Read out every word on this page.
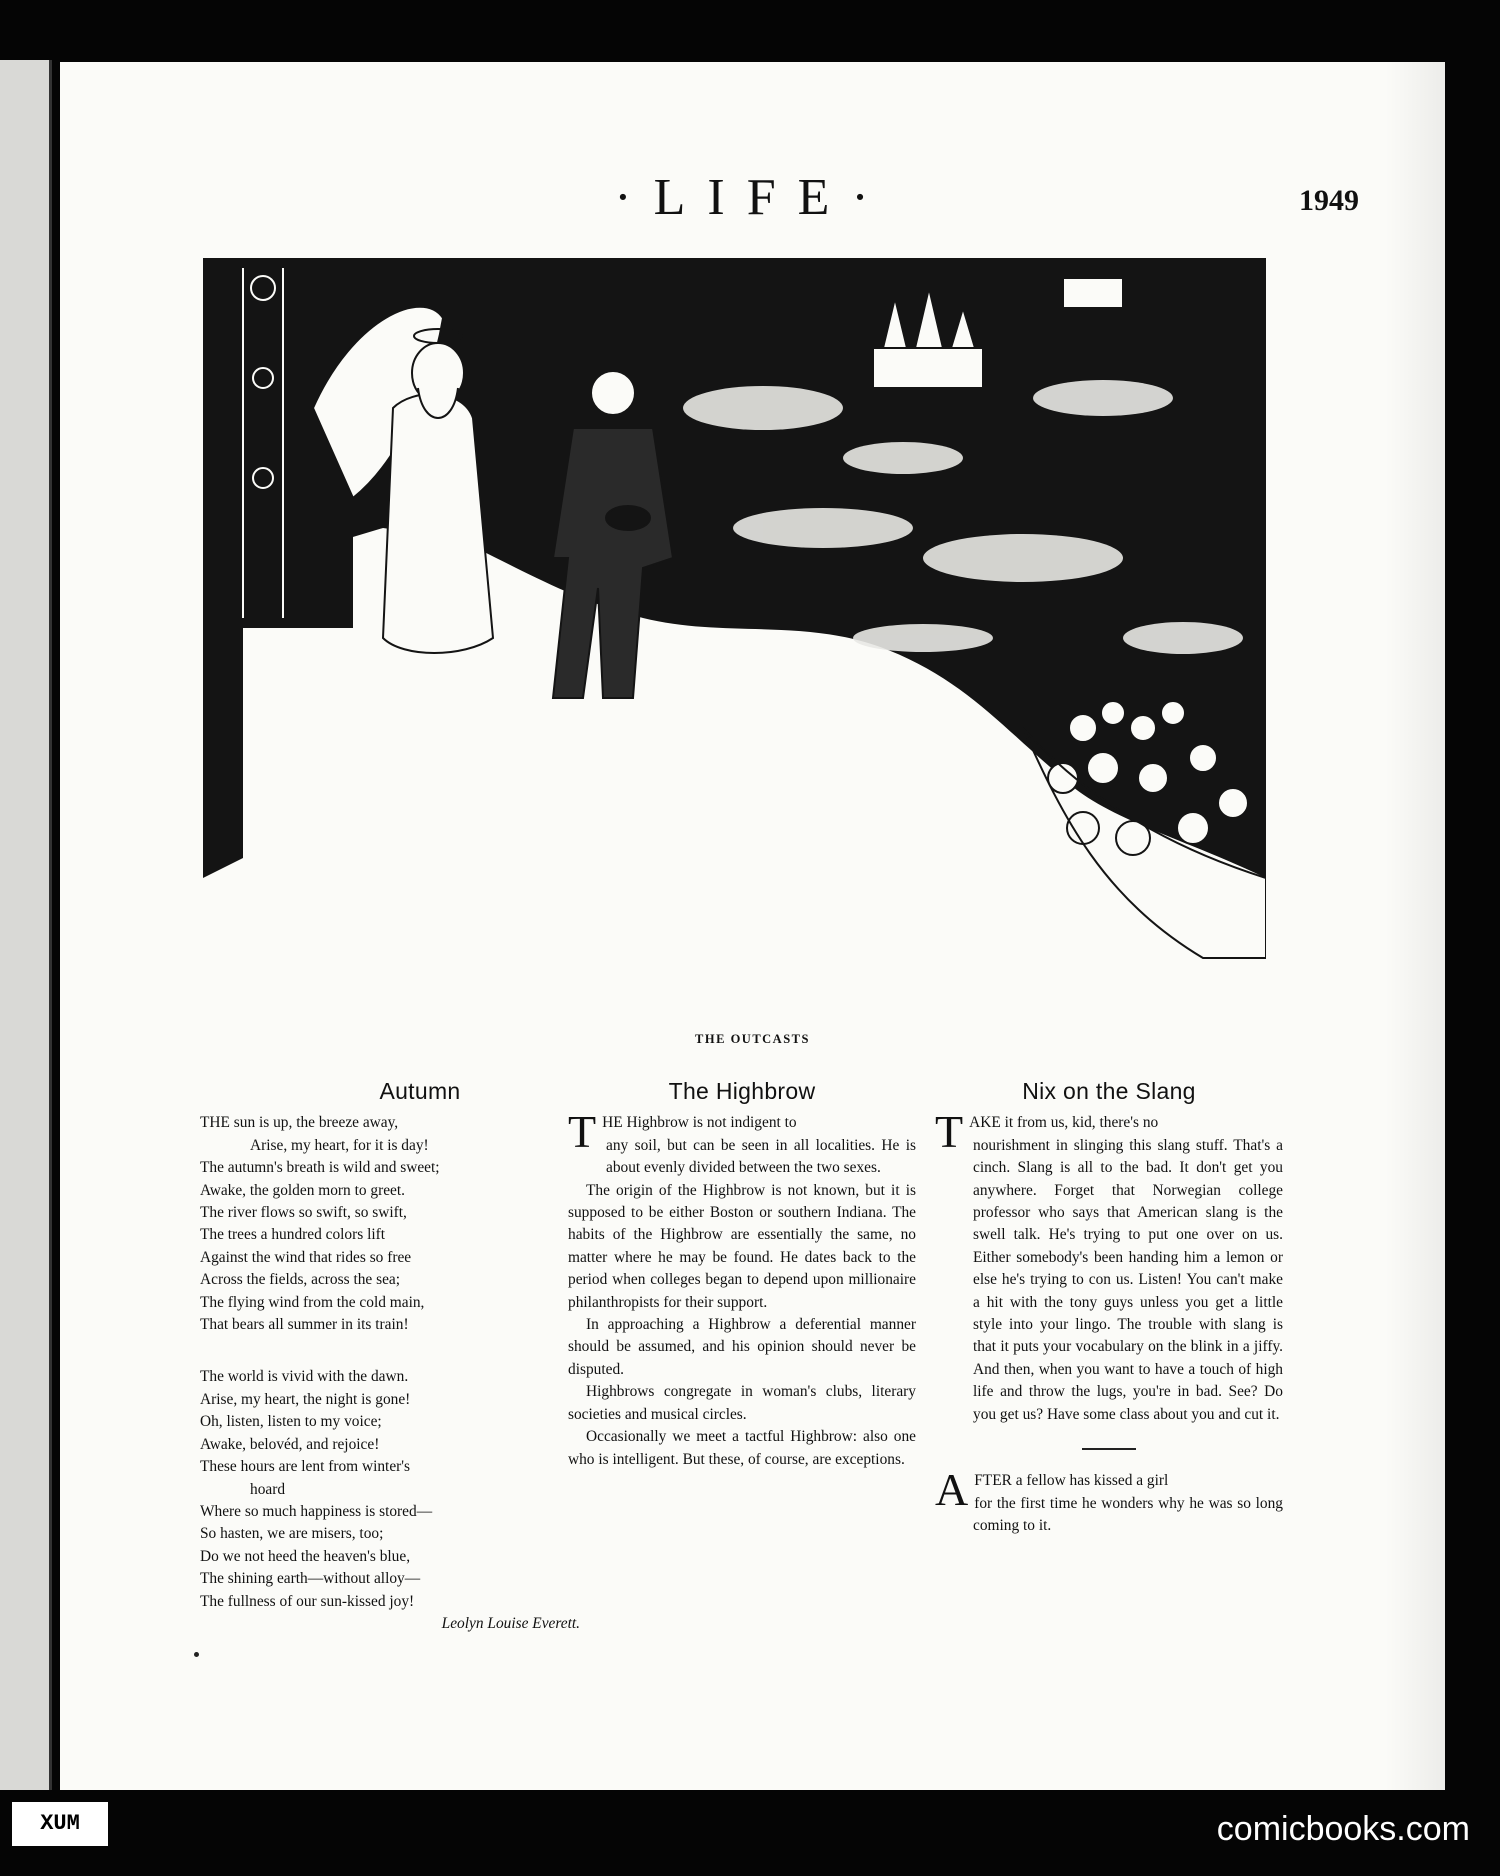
·LIFE·	1949
THE OUTCASTS
Autumn
THE sun is up, the breeze away,
Arise, my heart, for it is day!
The autumn's breath is wild and sweet;
Awake, the golden morn to greet.
The river flows so swift, so swift,
The trees a hundred colors lift
Against the wind that rides so free
Across the fields, across the sea;
The flying wind from the cold main,
That bears all summer in its train!
The world is vivid with the dawn.
Arise, my heart, the night is gone!
Oh, listen, listen to my voice;
Awake, belovéd, and rejoice!
These hours are lent from winter's
hoard
Where so much happiness is stored—
So hasten, we are misers, too;
Do we not heed the heaven's blue,
The shining earth—without alloy—
The fullness of our sun-kissed joy!
Leolyn Louise Everett.
The Highbrow

THE Highbrow is not indigent to
any soil, but can be seen in all localities. He is about evenly divided between the two sexes.

The origin of the Highbrow is not known, but it is supposed to be either Boston or southern Indiana. The habits of the Highbrow are essentially the same, no matter where he may be found. He dates back to the period when colleges began to depend upon millionaire philanthropists for their support.

In approaching a Highbrow a deferential manner should be assumed, and his opinion should never be disputed.

Highbrows congregate in woman's clubs, literary societies and musical circles.

Occasionally we meet a tactful Highbrow: also one who is intelligent. But these, of course, are exceptions.

Nix on the Slang

TAKE it from us, kid, there's no
nourishment in slinging this slang stuff. That's a cinch. Slang is all to the bad. It don't get you anywhere. Forget that Norwegian college professor who says that American slang is the swell talk. He's trying to put one over on us. Either somebody's been handing him a lemon or else he's trying to con us. Listen! You can't make a hit with the tony guys unless you get a little style into your lingo. The trouble with slang is that it puts your vocabulary on the blink in a jiffy. And then, when you want to have a touch of high life and throw the lugs, you're in bad. See? Do you get us? Have some class about you and cut it.

AFTER a fellow has kissed a girl
for the first time he wonders why he was so long coming to it.

XUM	comicbooks.com
